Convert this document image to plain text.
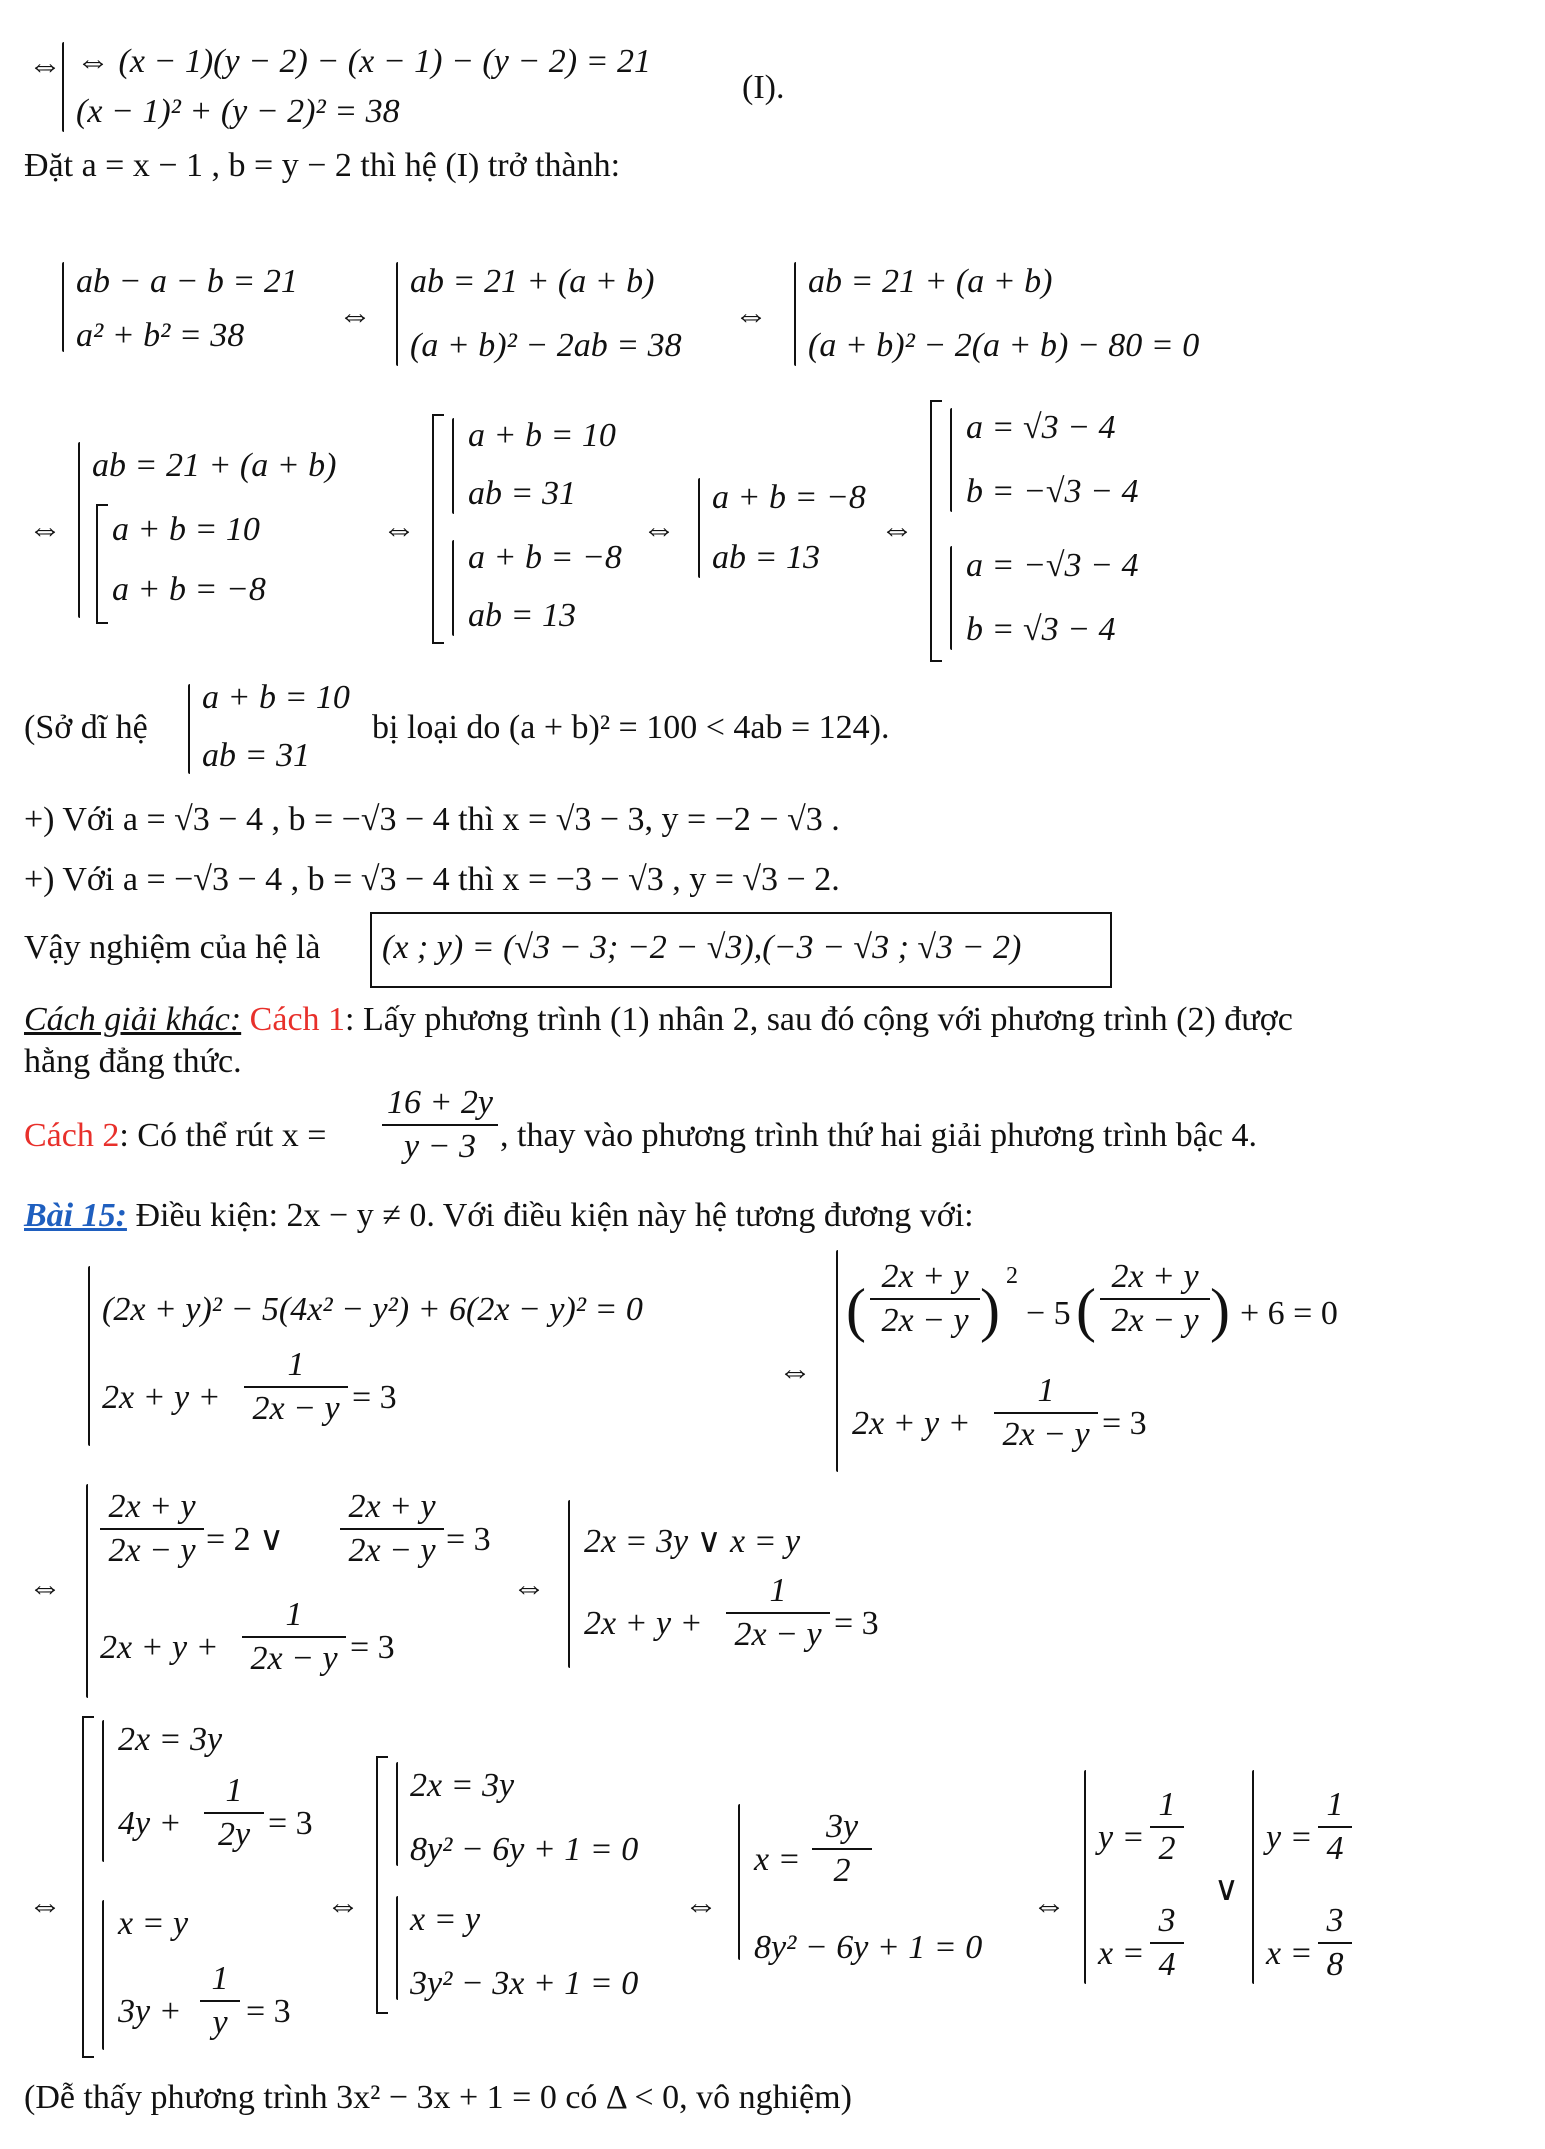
⇔ ⇔ (x − 1)(y − 2) − (x − 1) − (y − 2) = 21
(x − 1)² + (y − 2)² = 38
(I).
Đặt a = x − 1 , b = y − 2 thì hệ (I) trở thành:
ab − a − b = 21
a² + b² = 38
⇔
ab = 21 + (a + b)
(a + b)² − 2ab = 38
⇔
ab = 21 + (a + b)
(a + b)² − 2(a + b) − 80 = 0
⇔
ab = 21 + (a + b)
a + b = 10
a + b = −8
⇔
a + b = 10
ab = 31
a + b = −8
ab = 13
⇔
a + b = −8
ab = 13
⇔
a = √3 − 4
b = −√3 − 4
a = −√3 − 4
b = √3 − 4
(Sở dĩ hệ
a + b = 10
ab = 31
bị loại do (a + b)² = 100 < 4ab = 124).
+) Với a = √3 − 4 , b = −√3 − 4 thì x = √3 − 3, y = −2 − √3 .
+) Với a = −√3 − 4 , b = √3 − 4 thì x = −3 − √3 , y = √3 − 2.
Vậy nghiệm của hệ là (x ; y) = (√3 − 3; −2 − √3),(−3 − √3 ; √3 − 2)
Cách giải khác: Cách 1: Lấy phương trình (1) nhân 2, sau đó cộng với phương trình (2) được
hằng đẳng thức.
Cách 2: Có thể rút x =
16 + 2y
y − 3 , thay vào phương trình thứ hai giải phương trình bậc 4.
Bài 15: Điều kiện: 2x − y ≠ 0. Với điều kiện này hệ tương đương với:
(2x + y)² − 5(4x² − y²) + 6(2x − y)² = 0
2x + y +
1
2x − y = 3
⇔
(
2x + y
2x − y )
2
− 5 (
2x + y
2x − y ) + 6 = 0
2x + y +
1
2x − y = 3
⇔
2x + y
2x − y = 2 ∨
2x + y
2x − y = 3
2x + y +
1
2x − y = 3
⇔
2x = 3y ∨ x = y
2x + y +
1
2x − y = 3
⇔
2x = 3y
4y +
1
2y = 3
x = y
3y +
1
y = 3
⇔
2x = 3y
8y² − 6y + 1 = 0
x = y
3y² − 3x + 1 = 0
⇔
x =
3y
2
8y² − 6y + 1 = 0
⇔
y =
1
2
x =
3
4
∨
y =
1
4
x =
3
8
(Dễ thấy phương trình 3x² − 3x + 1 = 0 có Δ < 0, vô nghiệm)
